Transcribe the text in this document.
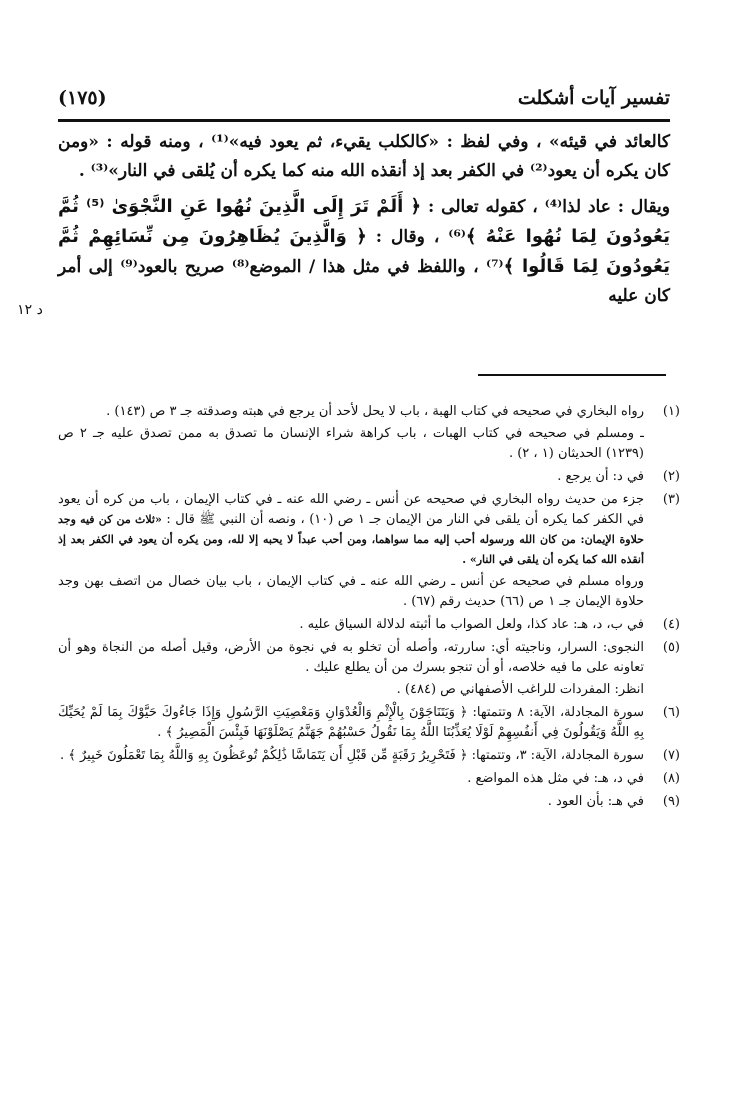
تفسير آيات أشكلت
(١٧٥)

كالعائد في قيئه» ، وفي لفظ : «كالكلب يقيء، ثم يعود فيه»⁽¹⁾ ، ومنه قوله : «ومن كان يكره أن يعود⁽²⁾ في الكفر بعد إذ أنقذه الله منه كما يكره أن يُلقى في النار»⁽³⁾ .

ويقال : عاد لذا⁽⁴⁾ ، كقوله تعالى : ﴿ أَلَمْ تَرَ إِلَى الَّذِينَ نُهُوا عَنِ النَّجْوَىٰ ⁽⁵⁾ ثُمَّ يَعُودُونَ لِمَا نُهُوا عَنْهُ ﴾⁽⁶⁾ ، وقال : ﴿ وَالَّذِينَ يُظَاهِرُونَ مِن نِّسَائِهِمْ ثُمَّ يَعُودُونَ لِمَا قَالُوا ﴾⁽⁷⁾ ، واللفظ في مثل هذا / الموضع⁽⁸⁾ صريح بالعود⁽⁹⁾ إلى أمر كان عليه

د ١٢
(١)
رواه البخاري في صحيحه في كتاب الهبة ، باب لا يحل لأحد أن يرجع في هبته وصدقته جـ ٣ ص (١٤٣) .
ـ ومسلم في صحيحه في كتاب الهبات ، باب كراهة شراء الإنسان ما تصدق به ممن تصدق عليه جـ ٢ ص (١٢٣٩) الحديثان (١ ، ٢) .
(٢)
في د: أن يرجع .
(٣)
جزء من حديث رواه البخاري في صحيحه عن أنس ـ رضي الله عنه ـ في كتاب الإيمان ، باب من كره أن يعود في الكفر كما يكره أن يلقى في النار من الإيمان جـ ١ ص (١٠) ، ونصه أن النبي ﷺ قال : «ثلاث من كن فيه وجد حلاوة الإيمان: من كان الله ورسوله أحب إليه مما سواهما، ومن أحب عبداً لا يحبه إلا لله، ومن يكره أن يعود في الكفر بعد إذ أنقذه الله كما يكره أن يلقى في النار» .
ورواه مسلم في صحيحه عن أنس ـ رضي الله عنه ـ في كتاب الإيمان ، باب بيان خصال من اتصف بهن وجد حلاوة الإيمان جـ ١ ص (٦٦) حديث رقم (٦٧) .
(٤)
في ب، د، هـ: عاد كذا، ولعل الصواب ما أثبته لدلالة السياق عليه .
(٥)
النجوى: السرار، وناجيته أي: ساررته، وأصله أن تخلو به في نجوة من الأرض، وقيل أصله من النجاة وهو أن تعاونه على ما فيه خلاصه، أو أن تنجو بسرك من أن يطلع عليك .
انظر: المفردات للراغب الأصفهاني ص (٤٨٤) .
(٦)
سورة المجادلة، الآية: ٨ وتتمتها: ﴿ وَيَتَنَاجَوْنَ بِالْإِثْمِ وَالْعُدْوَانِ وَمَعْصِيَتِ الرَّسُولِ وَإِذَا جَاءُوكَ حَيَّوْكَ بِمَا لَمْ يُحَيِّكَ بِهِ اللَّهُ وَيَقُولُونَ فِي أَنفُسِهِمْ لَوْلَا يُعَذِّبُنَا اللَّهُ بِمَا نَقُولُ حَسْبُهُمْ جَهَنَّمُ يَصْلَوْنَهَا فَبِئْسَ الْمَصِيرُ ﴾ .
(٧)
سورة المجادلة، الآية: ٣، وتتمتها: ﴿ فَتَحْرِيرُ رَقَبَةٍ مِّن قَبْلِ أَن يَتَمَاسَّا ذَٰلِكُمْ تُوعَظُونَ بِهِ وَاللَّهُ بِمَا تَعْمَلُونَ خَبِيرٌ ﴾ .
(٨)
في د، هـ: في مثل هذه المواضع .
(٩)
في هـ: بأن العود .
